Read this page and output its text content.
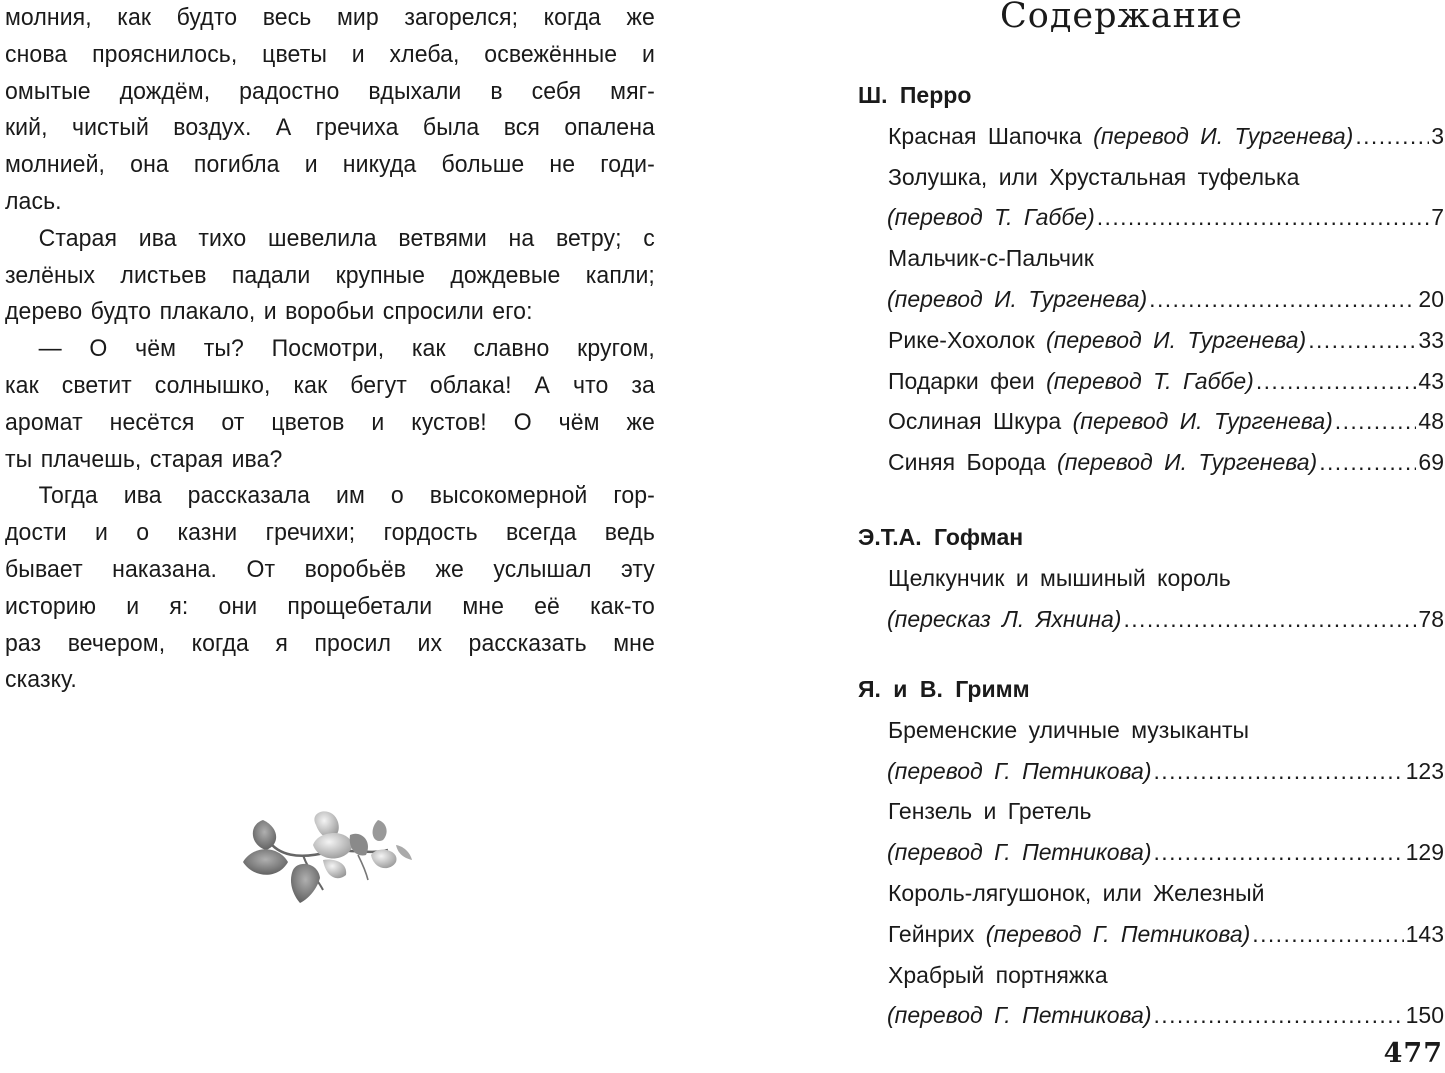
молния, как будто весь мир загорелся; когда же
снова прояснилось, цветы и хлеба, освежённые и
омытые дождём, радостно вдыхали в себя мяг-
кий, чистый воздух. А гречиха была вся опалена
молнией, она погибла и никуда больше не годи-
лась.
Старая ива тихо шевелила ветвями на ветру; с
зелёных листьев падали крупные дождевые капли;
дерево будто плакало, и воробьи спросили его:
— О чём ты? Посмотри, как славно кругом,
как светит солнышко, как бегут облака! А что за
аромат несётся от цветов и кустов! О чём же
ты плачешь, старая ива?
Тогда ива рассказала им о высокомерной гор-
дости и о казни гречихи; гордость всегда ведь
бывает наказана. От воробьёв же услышал эту
историю и я: они прощебетали мне её как-то
раз вечером, когда я просил их рассказать мне
сказку.
Содержание
Ш. Перро
Красная Шапочка (перевод И. Тургенева) .....	3
Золушка, или Хрустальная туфелька
(перевод Т. Габбе) .....	7
Мальчик-с-Пальчик
(перевод И. Тургенева) .....	20
Рике-Хохолок (перевод И. Тургенева) .....	33
Подарки феи (перевод Т. Габбе) .....	43
Ослиная Шкура (перевод И. Тургенева) .....	48
Синяя Борода (перевод И. Тургенева) .....	69
Э.Т.А. Гофман
Щелкунчик и мышиный король
(пересказ Л. Яхнина) .....	78
Я. и В. Гримм
Бременские уличные музыканты
(перевод Г. Петникова) .....	123
Гензель и Гретель
(перевод Г. Петникова) .....	129
Король-лягушонок, или Железный
Гейнрих (перевод Г. Петникова) .....	143
Храбрый портняжка
(перевод Г. Петникова) .....	150
477
